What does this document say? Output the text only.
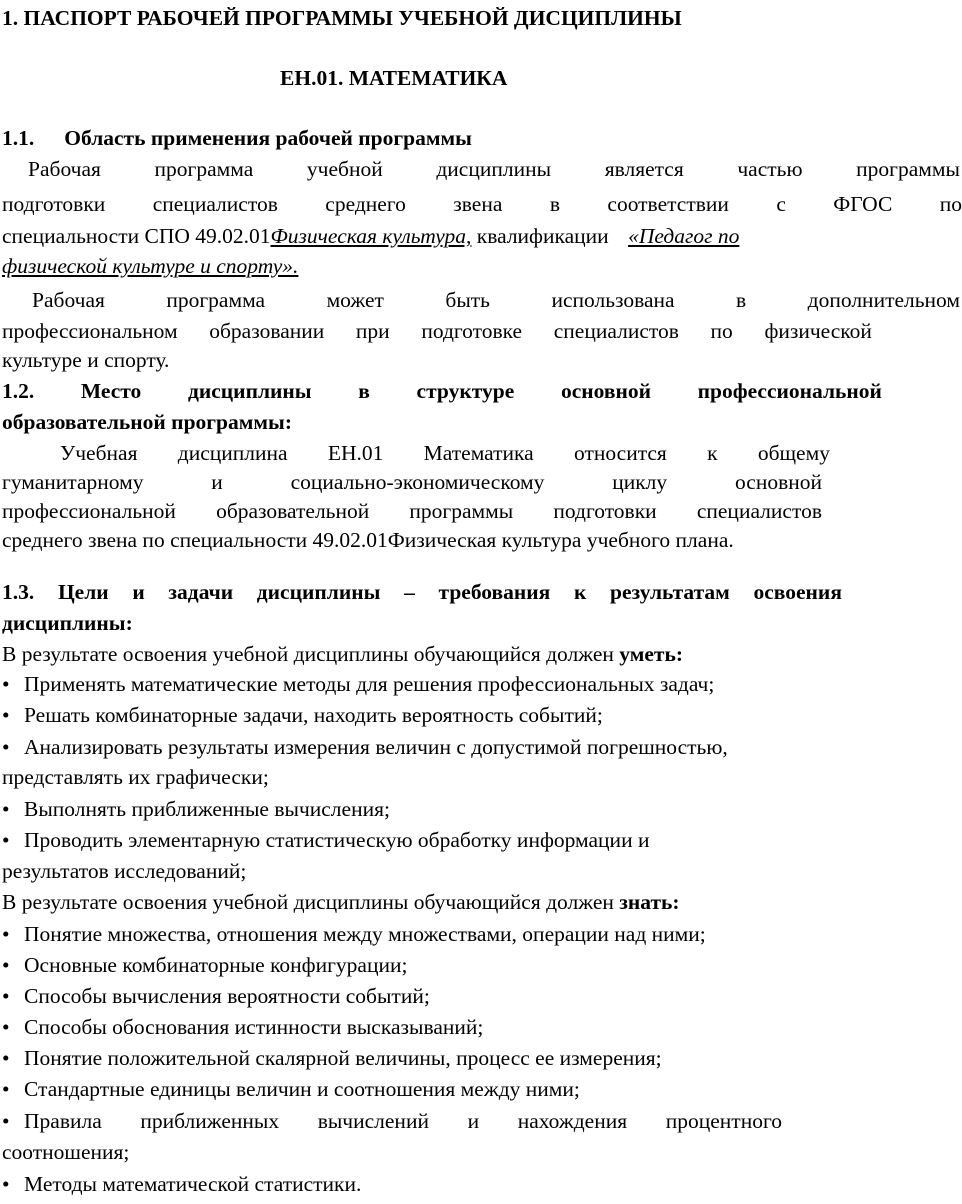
1. ПАСПОРТ РАБОЧЕЙ ПРОГРАММЫ УЧЕБНОЙ ДИСЦИПЛИНЫ
ЕН.01. МАТЕМАТИКА
1.1. Область применения рабочей программы
Рабочая программа учебной дисциплины является частью программы
подготовки специалистов среднего звена в соответствии с ФГОС по
специальности СПО 49.02.01Физическая культура, квалификации «Педагог по
физической культуре и спорту».
Рабочая	программа	может	быть	использована	в	дополнительном
профессиональном образовании при подготовке специалистов по физической
культуре и спорту.
1.2. Место дисциплины в структуре основной профессиональной
образовательной программы:
Учебная дисциплина ЕН.01 Математика относится к общему
гуманитарному	и	социально-экономическому	циклу	основной
профессиональной образовательной программы подготовки специалистов
среднего звена по специальности 49.02.01Физическая культура учебного плана.
1.3. Цели и задачи дисциплины – требования к результатам освоения
дисциплины:
В результате освоения учебной дисциплины обучающийся должен уметь:
• Применять математические методы для решения профессиональных задач;
• Решать комбинаторные задачи, находить вероятность событий;
• Анализировать результаты измерения величин с допустимой погрешностью,
представлять их графически;
• Выполнять приближенные вычисления;
• Проводить элементарную статистическую обработку информации и
результатов исследований;
В результате освоения учебной дисциплины обучающийся должен знать:
• Понятие множества, отношения между множествами, операции над ними;
• Основные комбинаторные конфигурации;
• Способы вычисления вероятности событий;
• Способы обоснования истинности высказываний;
• Понятие положительной скалярной величины, процесс ее измерения;
• Стандартные единицы величин и соотношения между ними;
• Правила приближенных вычислений и нахождения процентного
соотношения;
• Методы математической статистики.
